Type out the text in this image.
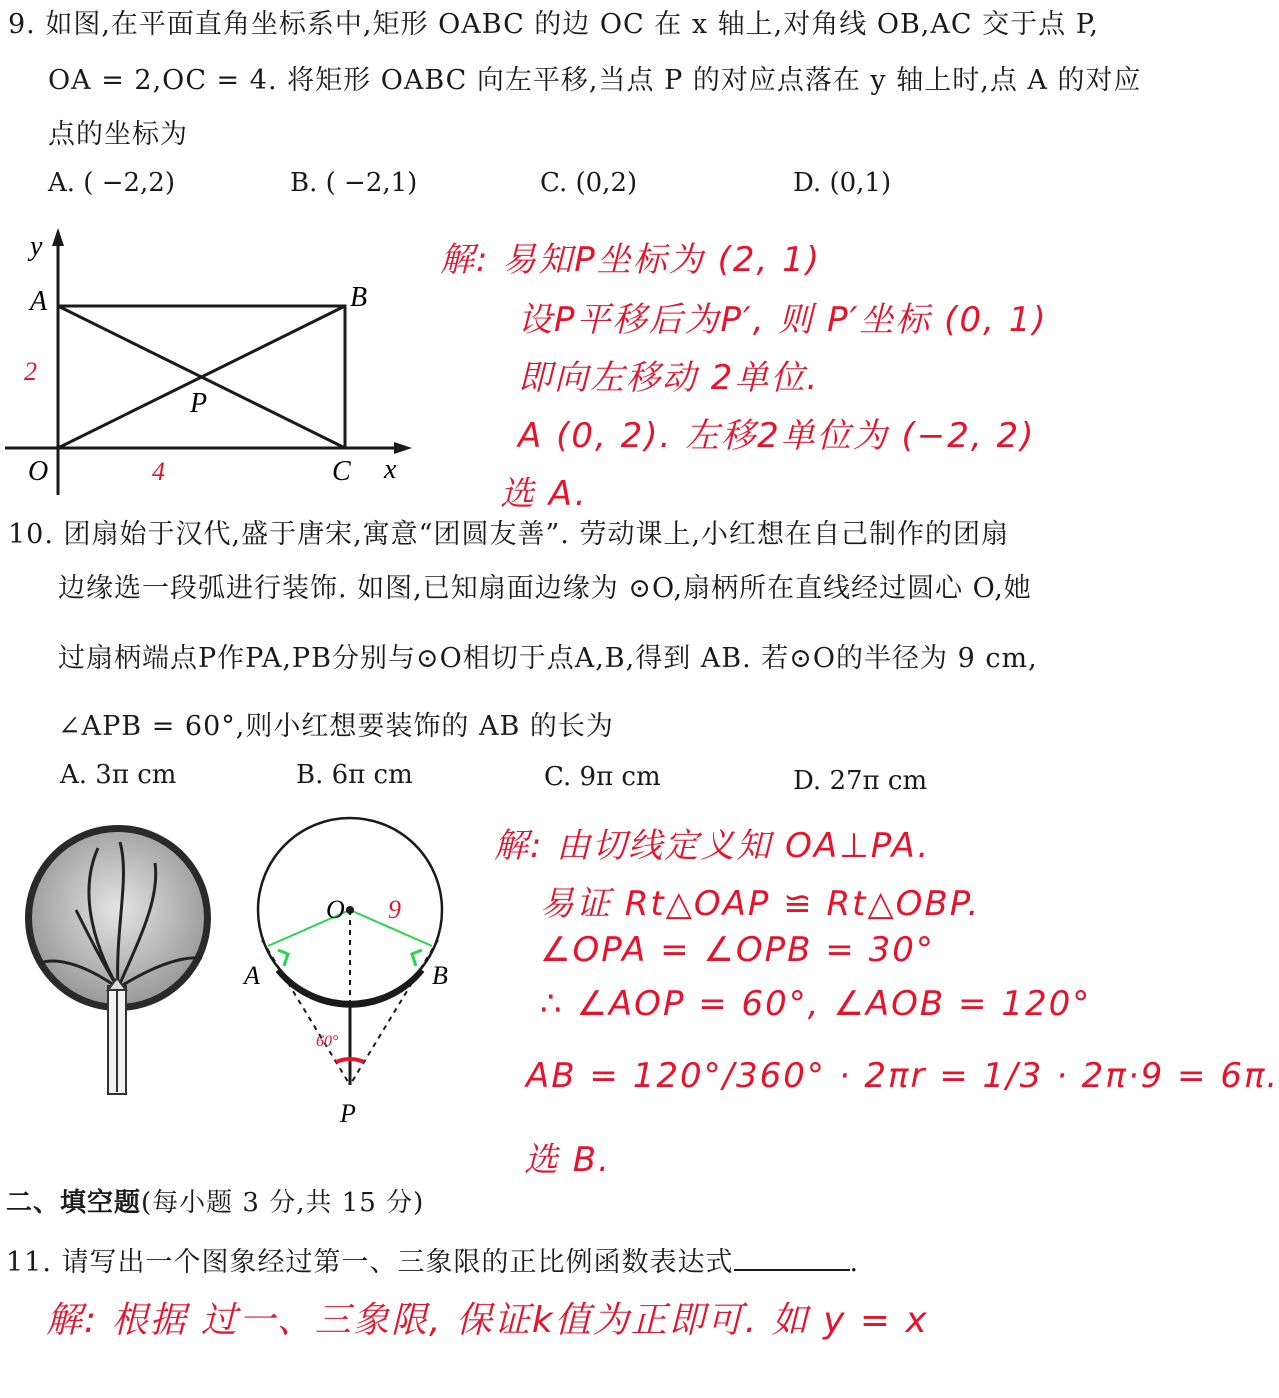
9. 如图,在平面直角坐标系中,矩形 OABC 的边 OC 在 x 轴上,对角线 OB,AC 交于点 P,
OA = 2,OC = 4. 将矩形 OABC 向左平移,当点 P 的对应点落在 y 轴上时,点 A 的对应
点的坐标为
A. ( −2,2)	B. ( −2,1)	C. (0,2)	D. (0,1)
y
x
A	B
C
O
P
2
4
解: 易知P坐标为 (2, 1)
设P平移后为P′, 则 P′坐标 (0, 1)
即向左移动 2单位.
A (0, 2). 左移2单位为 (−2, 2)
选 A.
10. 团扇始于汉代,盛于唐宋,寓意“团圆友善”. 劳动课上,小红想在自己制作的团扇
边缘选一段弧进行装饰. 如图,已知扇面边缘为 ⊙O,扇柄所在直线经过圆心 O,她
过扇柄端点P作PA,PB分别与⊙O相切于点A,B,得到 AB. 若⊙O的半径为 9 cm,
∠APB = 60°,则小红想要装饰的 AB 的长为
A. 3π cm	B. 6π cm	C. 9π cm	D. 27π cm
O
A	B
P
9
60°
解: 由切线定义知 OA⊥PA.
易证 Rt△OAP ≌ Rt△OBP.
∠OPA = ∠OPB = 30°
∴ ∠AOP = 60°, ∠AOB = 120°
AB = 120°/360° · 2πr = 1/3 · 2π·9 = 6π.
选 B.
二、填空题(每小题 3 分,共 15 分)
11. 请写出一个图象经过第一、三象限的正比例函数表达式	.
解: 根据 过一、三象限, 保证k值为正即可. 如 y = x
